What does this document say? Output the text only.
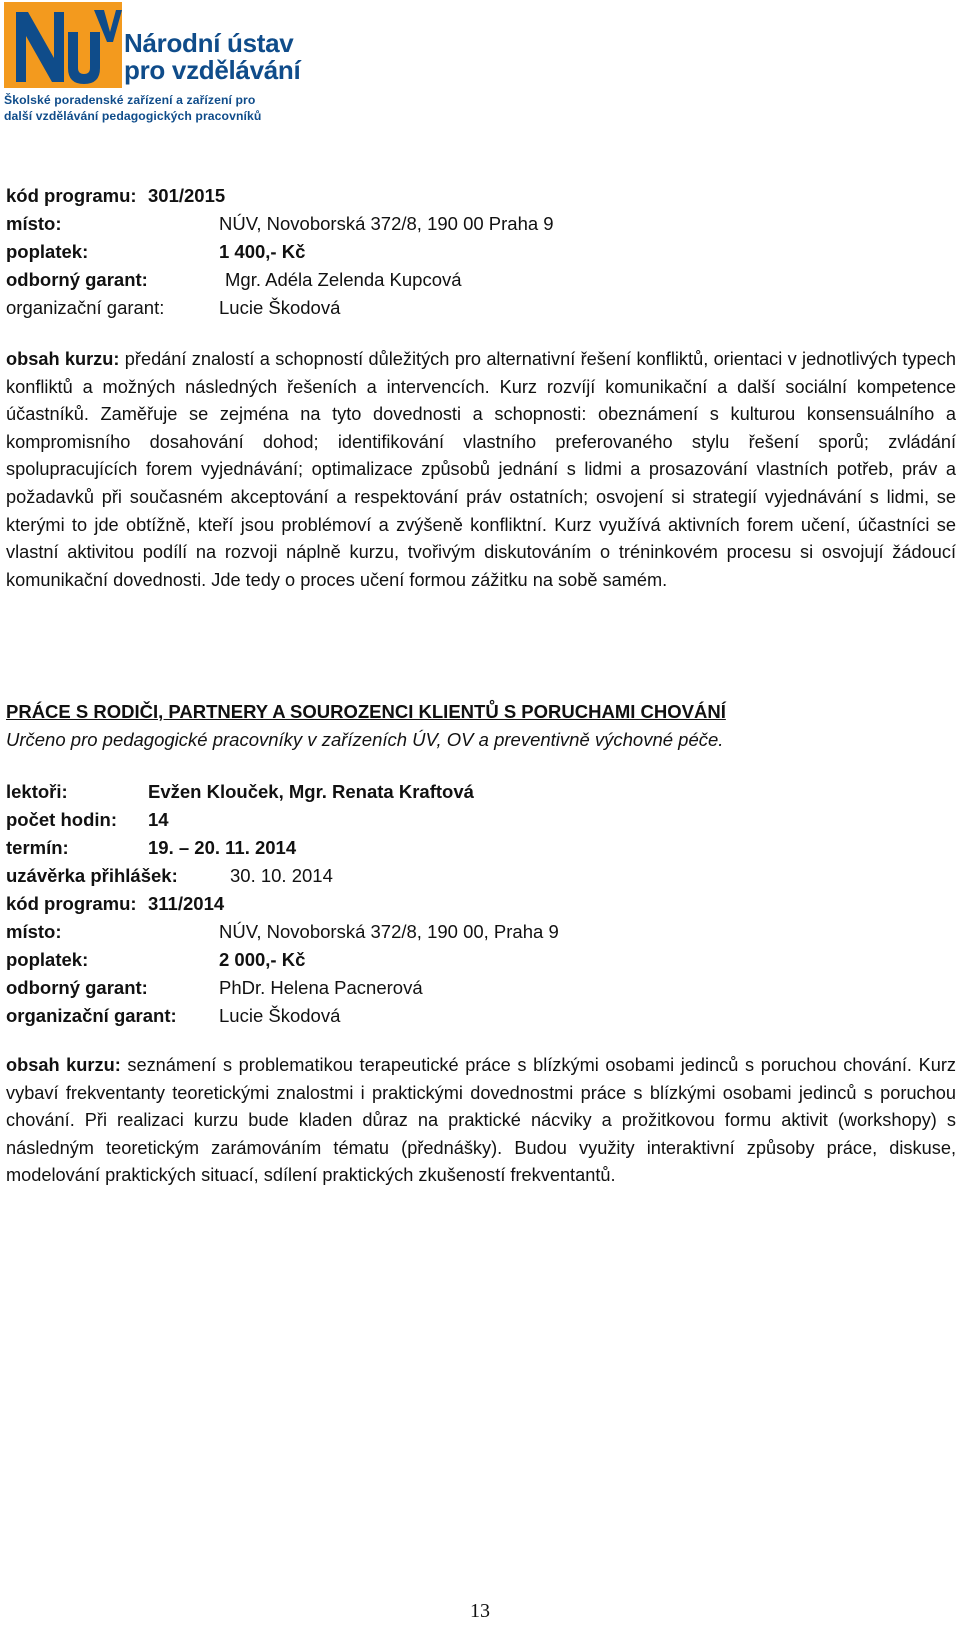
Národní ústav
pro vzdělávání
Školské poradenské zařízení a zařízení pro
další vzdělávání pedagogických pracovníků
kód programu: 301/2015
místo:	NÚV, Novoborská 372/8, 190 00 Praha 9
poplatek:	1 400,- Kč
odborný garant:	Mgr. Adéla Zelenda Kupcová
organizační garant:	Lucie Škodová
obsah kurzu: předání znalostí a schopností důležitých pro alternativní řešení konfliktů, orientaci v jednotlivých typech konfliktů a možných následných řešeních a intervencích. Kurz rozvíjí komunikační a další sociální kompetence účastníků. Zaměřuje se zejména na tyto dovednosti a schopnosti: obeznámení s kulturou konsensuálního a kompromisního dosahování dohod; identifikování vlastního preferovaného stylu řešení sporů; zvládání spolupracujících forem vyjednávání; optimalizace způsobů jednání s lidmi a prosazování vlastních potřeb, práv a požadavků při současném akceptování a respektování práv ostatních; osvojení si strategií vyjednávání s lidmi, se kterými to jde obtížně, kteří jsou problémoví a zvýšeně konfliktní. Kurz využívá aktivních forem učení, účastníci se vlastní aktivitou podílí na rozvoji náplně kurzu, tvořivým diskutováním o tréninkovém procesu si osvojují žádoucí komunikační dovednosti. Jde tedy o proces učení formou zážitku na sobě samém.
PRÁCE S RODIČI, PARTNERY A SOUROZENCI KLIENTŮ S PORUCHAMI CHOVÁNÍ
Určeno pro pedagogické pracovníky v zařízeních ÚV, OV a preventivně výchovné péče.
lektoři:	Evžen Klouček, Mgr. Renata Kraftová
počet hodin: 14
termín:	19. – 20. 11. 2014
uzávěrka přihlášek:	30. 10. 2014
kód programu: 311/2014
místo:	NÚV, Novoborská 372/8, 190 00, Praha 9
poplatek:	2 000,- Kč
odborný garant:	PhDr. Helena Pacnerová
organizační garant: Lucie Škodová
obsah kurzu: seznámení s problematikou terapeutické práce s blízkými osobami jedinců s poruchou chování. Kurz vybaví frekventanty teoretickými znalostmi i praktickými dovednostmi práce s blízkými osobami jedinců s poruchou chování. Při realizaci kurzu bude kladen důraz na praktické nácviky a prožitkovou formu aktivit (workshopy) s následným teoretickým zarámováním tématu (přednášky). Budou využity interaktivní způsoby práce, diskuse, modelování praktických situací, sdílení praktických zkušeností frekventantů.
13
